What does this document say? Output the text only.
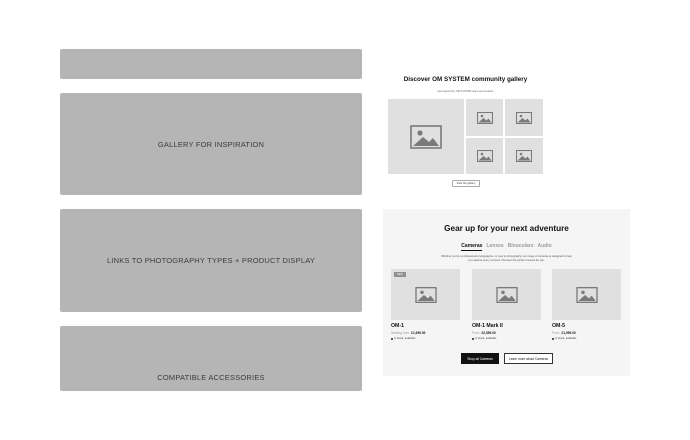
GALLERY FOR INSPIRATION
LINKS TO PHOTOGRAPHY TYPES + PRODUCT DISPLAY
COMPATIBLE ACCESSORIES
Discover OM SYSTEM community gallery
Get inspired by OM SYSTEM users and creators
View the gallery
Gear up for your next adventure
Cameras Lenses Binoculars Audio
Whether you're a professional photographer, or new to photography, our range of cameras is designed to help you capture every moment. Discover the perfect camera for you.
NEW
OM-1
Starting from £1,999.00
In stock, available
OM-1 Mark II
From £2,399.00
In stock, available
OM-5
From £1,099.00
In stock, available
Shop all Cameras	Learn more about Cameras
